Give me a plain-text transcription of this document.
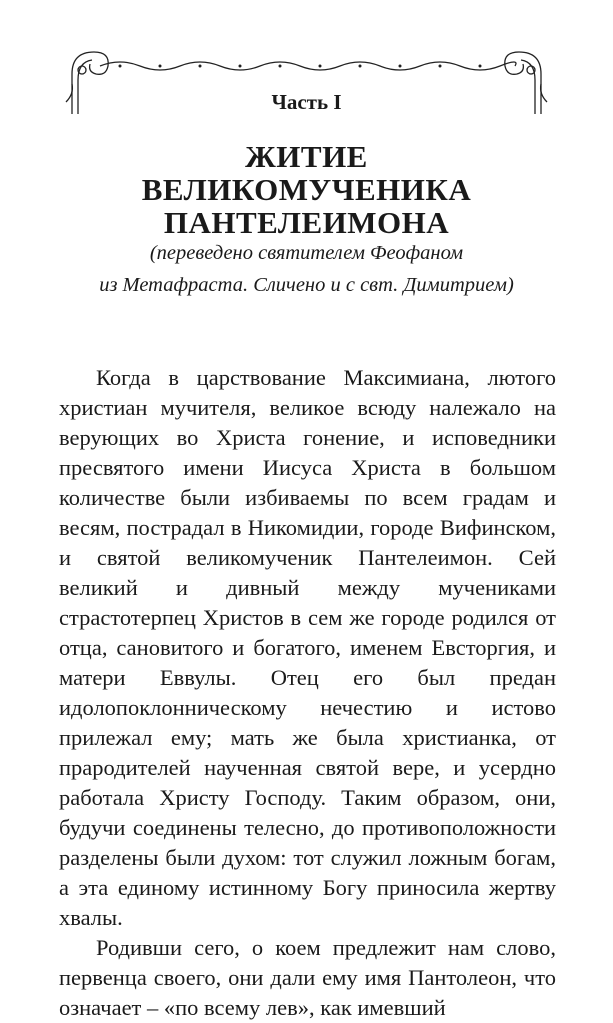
Часть I
ЖИТИЕ
ВЕЛИКОМУЧЕНИКА
ПАНТЕЛЕИМОНА
(переведено святителем Феофаном
из Метафраста. Сличено и с свт. Димитрием)

Когда в царствование Максимиана, лютого христиан мучителя, великое всюду належало на верующих во Христа гонение, и исповедники пресвятого имени Иисуса Христа в большом количестве были избиваемы по всем градам и весям, пострадал в Никомидии, городе Вифинском, и святой великомученик Пантелеимон. Сей великий и дивный между мучениками страстотерпец Христов в сем же городе родился от отца, сановитого и богатого, именем Евсторгия, и матери Еввулы. Отец его был предан идолопоклонническому нечестию и истово прилежал ему; мать же была христианка, от прародителей наученная святой вере, и усердно работала Христу Господу. Таким образом, они, будучи соединены телесно, до противоположности разделены были духом: тот служил ложным богам, а эта единому истинному Богу приносила жертву хвалы.

Родивши сего, о коем предлежит нам слово, первенца своего, они дали ему имя Пантолеон, что означает – «по всему лев», как имевший
